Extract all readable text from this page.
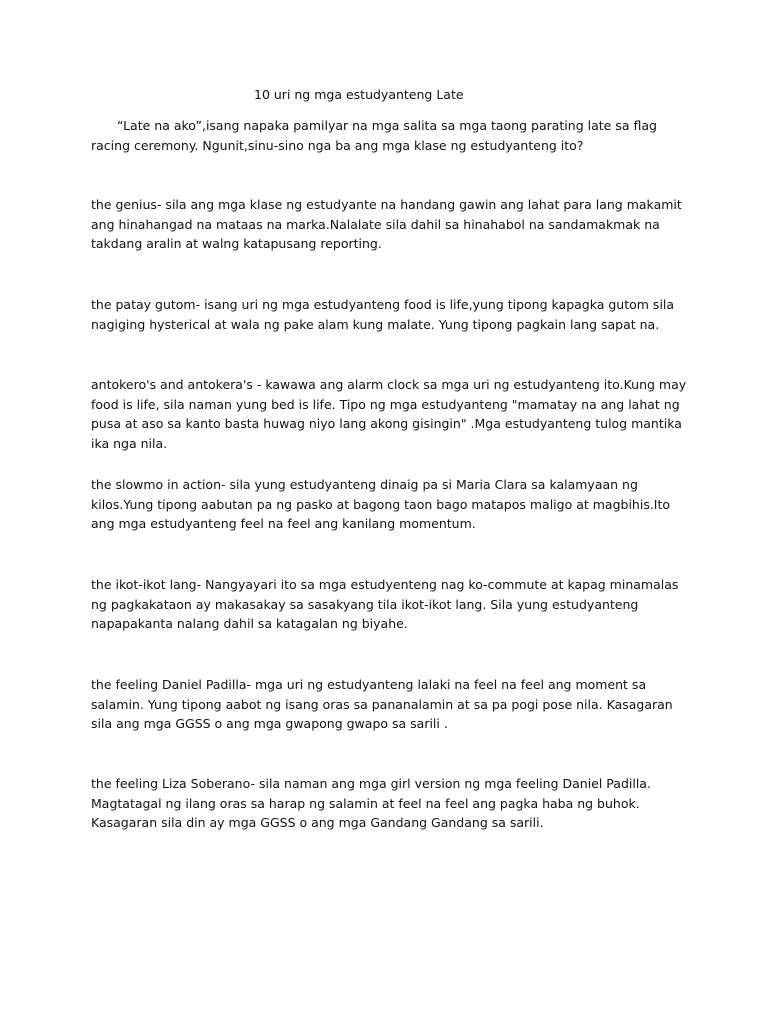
10 uri ng mga estudyanteng Late

“Late na ako”,isang napaka pamilyar na mga salita sa mga taong parating late sa flag racing ceremony. Ngunit,sinu-sino nga ba ang mga klase ng estudyanteng ito?

the genius- sila ang mga klase ng estudyante na handang gawin ang lahat para lang makamit ang hinahangad na mataas na marka.Nalalate sila dahil sa hinahabol na sandamakmak na takdang aralin at walng katapusang reporting.

the patay gutom- isang uri ng mga estudyanteng food is life,yung tipong kapagka gutom sila nagiging hysterical at wala ng pake alam kung malate. Yung tipong pagkain lang sapat na.

antokero's and antokera's - kawawa ang alarm clock sa mga uri ng estudyanteng ito.Kung may food is life, sila naman yung bed is life. Tipo ng mga estudyanteng "mamatay na ang lahat ng pusa at aso sa kanto basta huwag niyo lang akong gisingin" .Mga estudyanteng tulog mantika ika nga nila.

the slowmo in action- sila yung estudyanteng dinaig pa si Maria Clara sa kalamyaan ng kilos.Yung tipong aabutan pa ng pasko at bagong taon bago matapos maligo at magbihis.Ito ang mga estudyanteng feel na feel ang kanilang momentum.

the ikot-ikot lang- Nangyayari ito sa mga estudyenteng nag ko-commute at kapag minamalas ng pagkakataon ay makasakay sa sasakyang tila ikot-ikot lang. Sila yung estudyanteng napapakanta nalang dahil sa katagalan ng biyahe.

the feeling Daniel Padilla- mga uri ng estudyanteng lalaki na feel na feel ang moment sa salamin. Yung tipong aabot ng isang oras sa pananalamin at sa pa pogi pose nila. Kasagaran sila ang mga GGSS o ang mga gwapong gwapo sa sarili .

the feeling Liza Soberano- sila naman ang mga girl version ng mga feeling Daniel Padilla. Magtatagal ng ilang oras sa harap ng salamin at feel na feel ang pagka haba ng buhok. Kasagaran sila din ay mga GGSS o ang mga Gandang Gandang sa sarili.
